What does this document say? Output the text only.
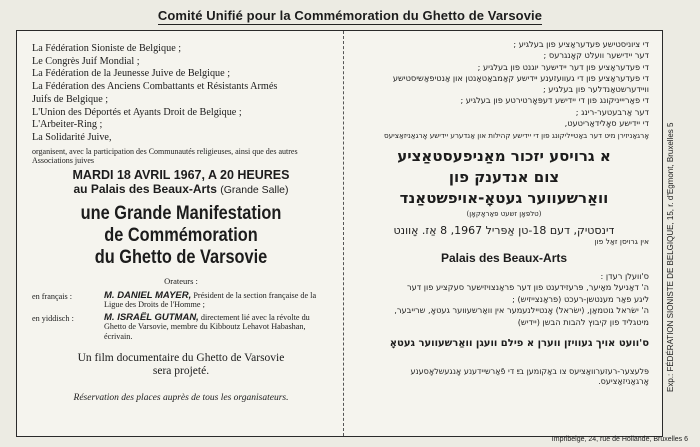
Comité Unifié pour la Commémoration du Ghetto de Varsovie
La Fédération Sioniste de Belgique ;
Le Congrès Juif Mondial ;
La Fédération de la Jeunesse Juive de Belgique ;
La Fédération des Anciens Combattants et Résistants Armés
Juifs de Belgique ;
L'Union des Déportés et Ayants Droit de Belgique ;
L'Arbeiter-Ring ;
La Solidarité Juive,
organisent, avec la participation des Communautés religieuses, ainsi que des autres Associations juives
MARDI 18 AVRIL 1967, A 20 HEURES
au Palais des Beaux-Arts (Grande Salle)
une Grande Manifestation
de Commémoration
du Ghetto de Varsovie
Orateurs :
en français :	M. DANIEL MAYER, Président de la section française de la Ligue des Droits de l'Homme ;
en yiddisch :	M. ISRAËL GUTMAN, directement lié avec la révolte du Ghetto de Varsovie, membre du Kibboutz Lehavot Habashan, écrivain.
Un film documentaire du Ghetto de Varsovie
sera projeté.
Réservation des places auprès de tous les organisateurs.
די ציוניסטישע פעדעראַציע פון בעלגיע ;
דער יידישער וועלט קאָנגרעס ;
די פעדעראַציע פון דער יידישער יוגנט פון בעלגיע ;
די פעדעראַציע פון די געוועזענע יידישע קאַמבאַטאַנטן און אַנטיפאַשיסטישע
וויידערשטאַנדלער פון בעלגיע ;
די פאַריייניקונג פון די יידישע דעפּאָרטירטע פון בעלגיע ;
דער אַרבעטער-רינג ;
די יידישע סאָלידאַריטעט,
אָרגאַניזירן מיט דער באַטייליקונג פון די יידישע קהילות און אַנדערע יידישע אָרגאַניזאַציעס
א גרויסע יזכור מאַניפעסטאַציע
צום אנדענק פון
וואַרשעווער געטאָ-אויפשטאַנד
(טלפּאָן זשעט פאַראָקאָן)
דינסטיק, דעם 18-טן אַפּריל 1967, 8 אַז. אָוונט
אין גרויסן זאַל פון
Palais des Beaux-Arts
ס'וועלן רעדן :
ה' דאַניעל מאַיער, פּרעזידענט פון דער פראַנצויזישער סעקציע פון דער
ליגע פאַר מענטשן-רעכט (פראַנצייזיש) ;
ה' ישׂראל גוטמאַן, (ישׂראל) אָנטיילנעמער אין וואַרשעווער געטאָ, שרייבער,
מיטגליד פון קיבוץ להבות הבשן (יידיש)
ס'וועט אויך געוויזן ווערן א פילם וועגן וואַרשעווער געטאָ
פּלעצער-רעזערוואַציעס צו באַקומען בײַ די פֿאַרשיידענע אָנגעשלאָסענע אָרגאַניזאַציעס. Exp.: FÉDÉRATION SIONISTE DE BELGIQUE, 15, r. d'Egmont, Bruxelles 5
Impribelge, 24, rue de Hollande, Bruxelles 6
